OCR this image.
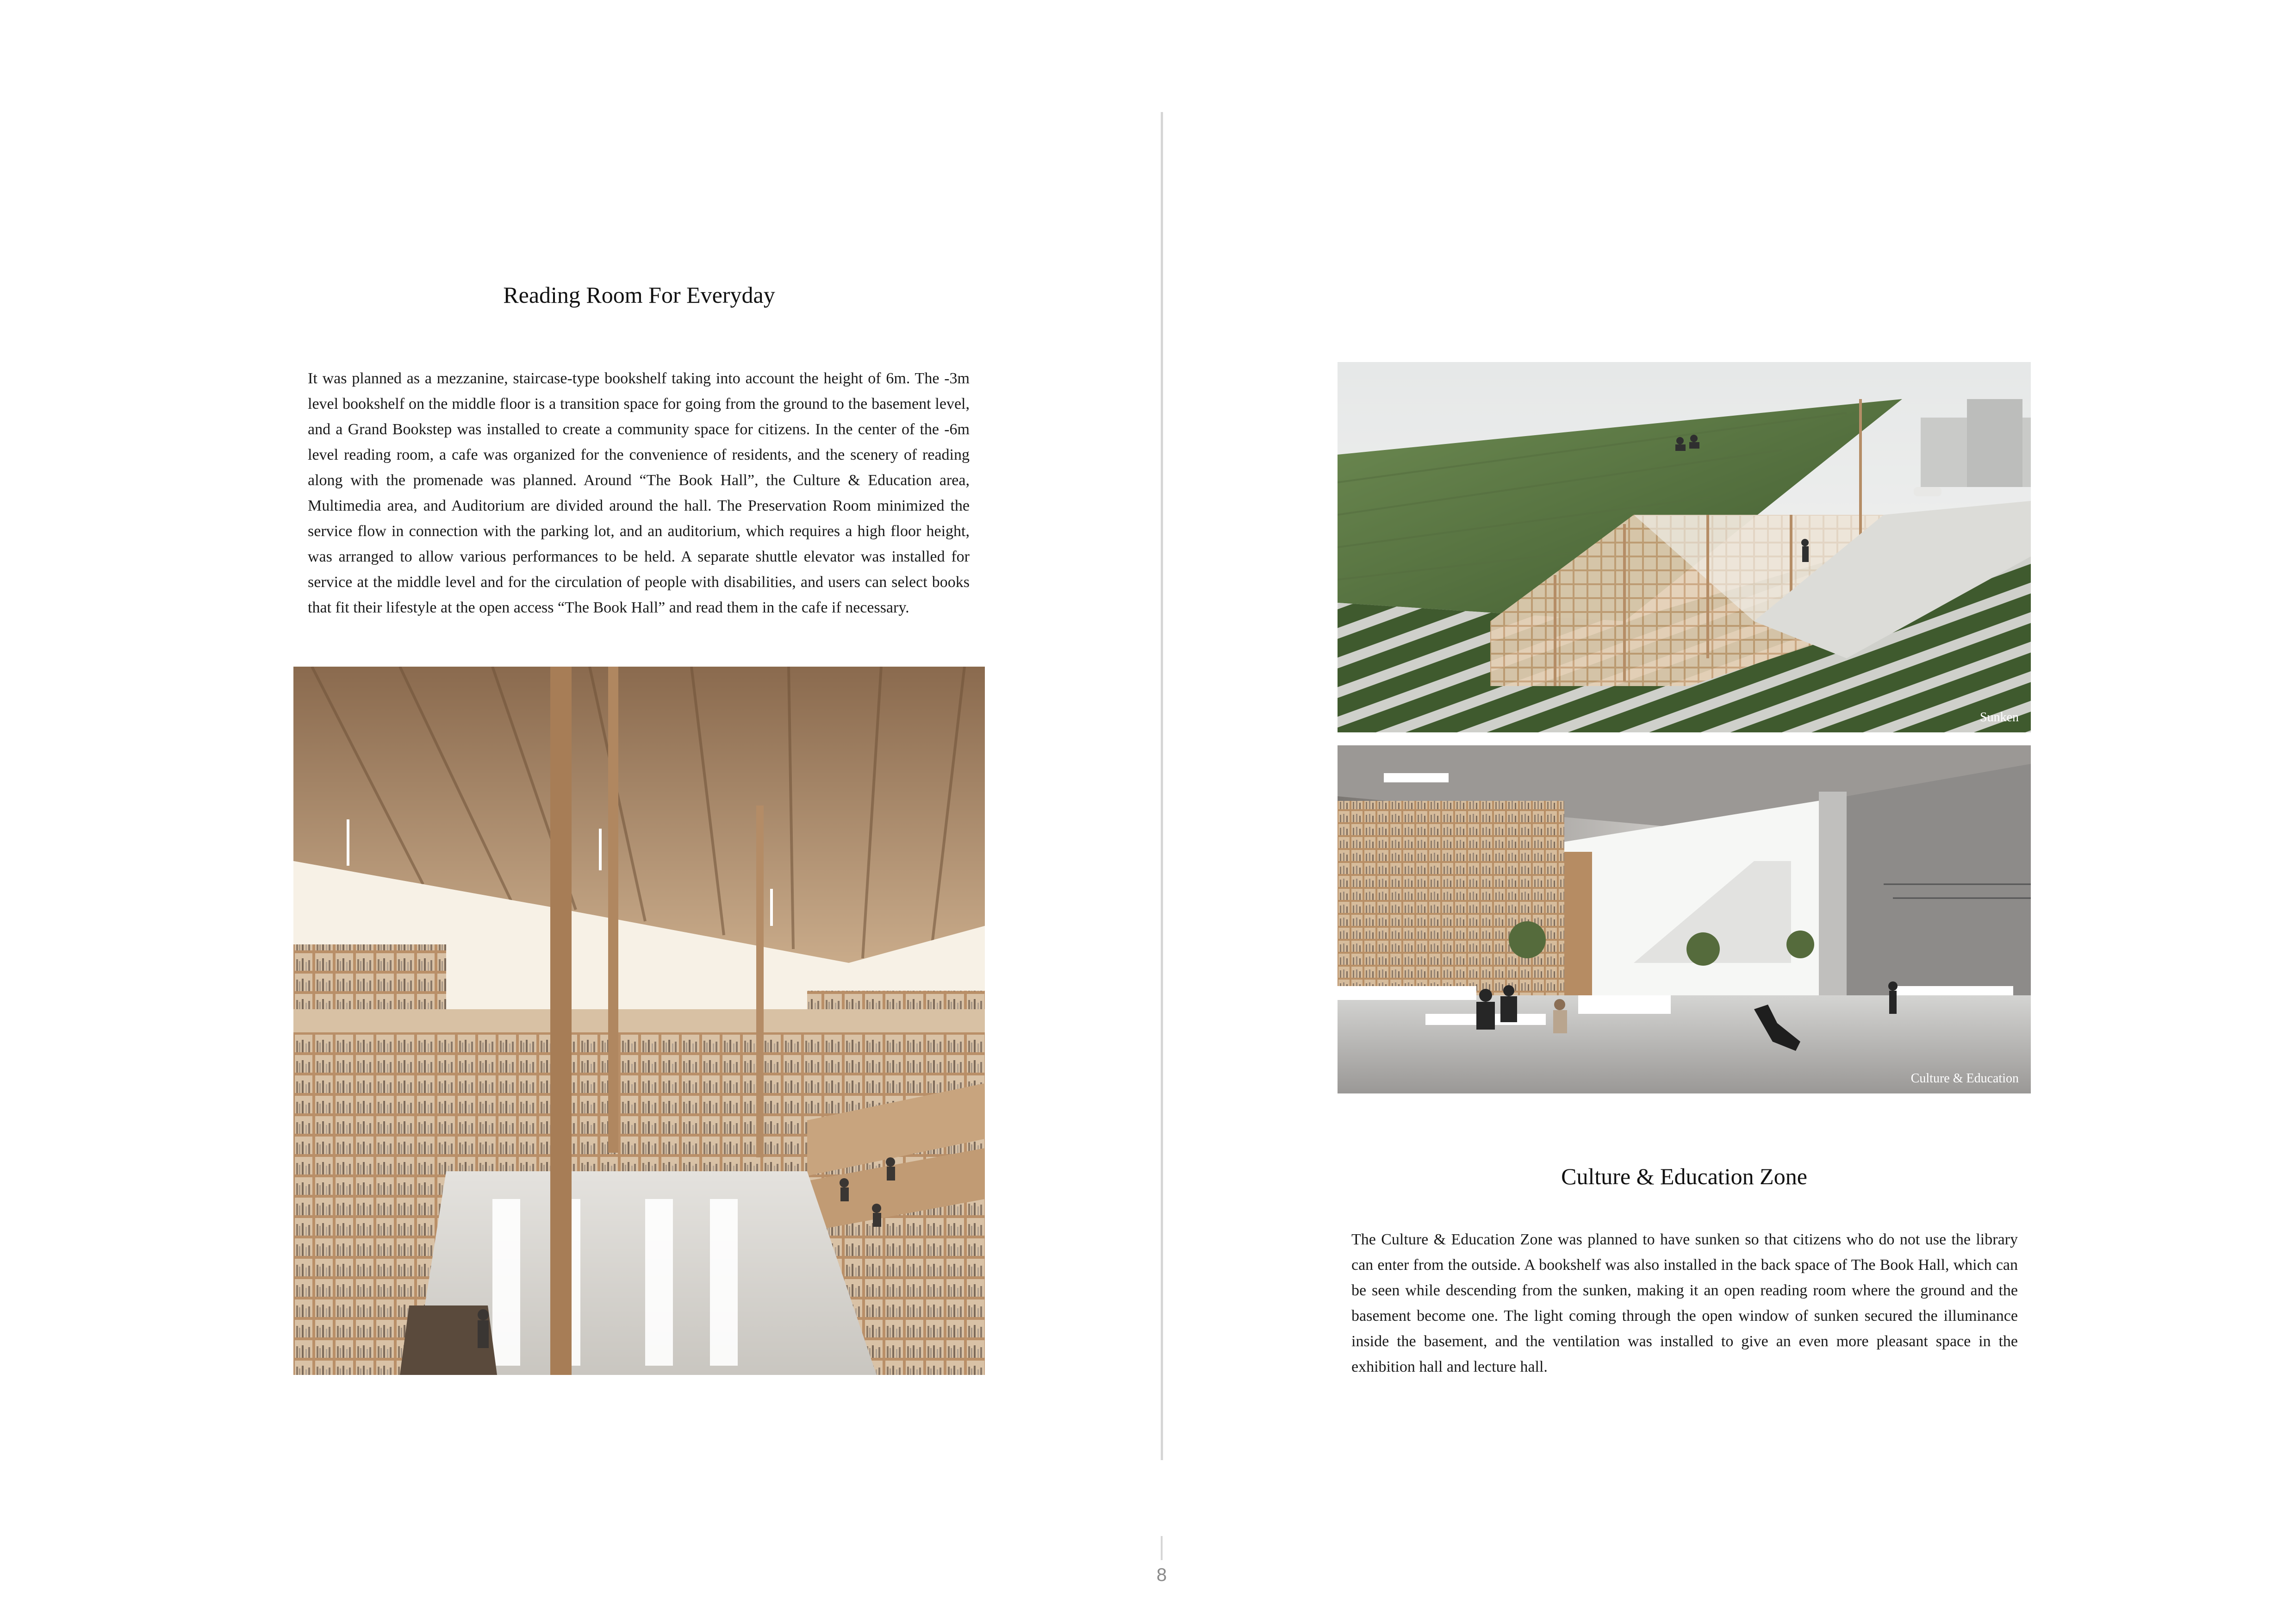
Reading Room For Everyday

It was planned as a mezzanine, staircase-type bookshelf taking into account the height of 6m. The -3m level bookshelf on the middle floor is a transition space for going from the ground to the basement level, and a Grand Bookstep was installed to create a community space for citizens. In the center of the -6m level reading room, a cafe was organized for the convenience of residents, and the scenery of reading along with the promenade was planned. Around “The Book Hall”, the Culture & Education area, Multimedia area, and Auditorium are divided around the hall. The Preservation Room minimized the service flow in connection with the parking lot, and an auditorium, which requires a high floor height, was arranged to allow various performances to be held. A separate shuttle elevator was installed for service at the middle level and for the circulation of people with disabilities, and users can select books that fit their lifestyle at the open access “The Book Hall” and read them in the cafe if necessary.

Sunken
Culture & Education
Culture & Education Zone

The Culture & Education Zone was planned to have sunken so that citizens who do not use the library can enter from the outside. A bookshelf was also installed in the back space of The Book Hall, which can be seen while descending from the sunken, making it an open reading room where the ground and the basement become one. The light coming through the open window of sunken secured the illuminance inside the basement, and the ventilation was installed to give an even more pleasant space in the exhibition hall and lecture hall.

8
